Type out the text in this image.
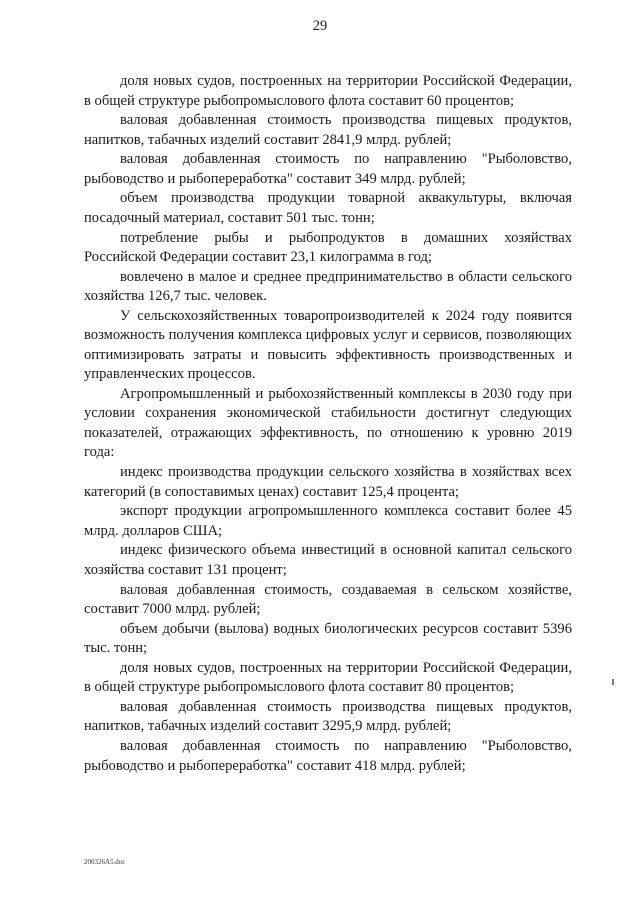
29

доля новых судов, построенных на территории Российской Федерации, в общей структуре рыбопромыслового флота составит 60 процентов;

валовая добавленная стоимость производства пищевых продуктов, напитков, табачных изделий составит 2841,9 млрд. рублей;

валовая добавленная стоимость по направлению "Рыболовство, рыбоводство и рыбопереработка" составит 349 млрд. рублей;

объем производства продукции товарной аквакультуры, включая посадочный материал, составит 501 тыс. тонн;

потребление рыбы и рыбопродуктов в домашних хозяйствах Российской Федерации составит 23,1 килограмма в год;

вовлечено в малое и среднее предпринимательство в области сельского хозяйства 126,7 тыс. человек.

У сельскохозяйственных товаропроизводителей к 2024 году появится возможность получения комплекса цифровых услуг и сервисов, позволяющих оптимизировать затраты и повысить эффективность производственных и управленческих процессов.

Агропромышленный и рыбохозяйственный комплексы в 2030 году при условии сохранения экономической стабильности достигнут следующих показателей, отражающих эффективность, по отношению к уровню 2019 года:

индекс производства продукции сельского хозяйства в хозяйствах всех категорий (в сопоставимых ценах) составит 125,4 процента;

экспорт продукции агропромышленного комплекса составит более 45 млрд. долларов США;

индекс физического объема инвестиций в основной капитал сельского хозяйства составит 131 процент;

валовая добавленная стоимость, создаваемая в сельском хозяйстве, составит 7000 млрд. рублей;

объем добычи (вылова) водных биологических ресурсов составит 5396 тыс. тонн;

доля новых судов, построенных на территории Российской Федерации, в общей структуре рыбопромыслового флота составит 80 процентов;

валовая добавленная стоимость производства пищевых продуктов, напитков, табачных изделий составит 3295,9 млрд. рублей;

валовая добавленная стоимость по направлению "Рыболовство, рыбоводство и рыбопереработка" составит 418 млрд. рублей;

200326A5.doc
